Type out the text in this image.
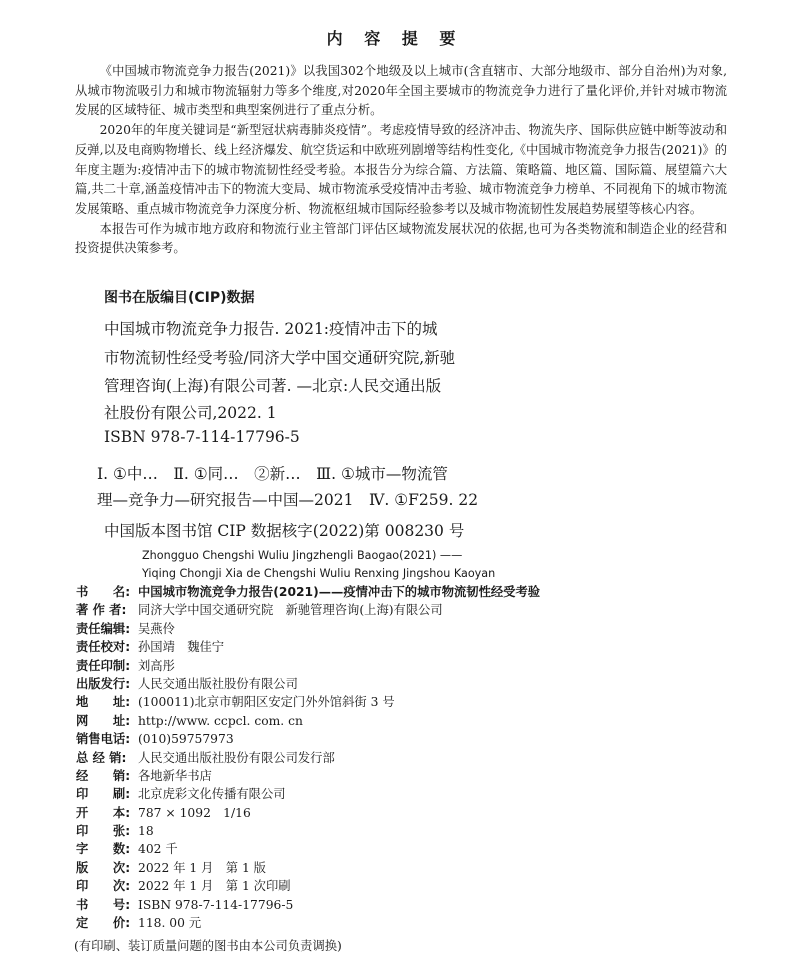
内 容 提 要

《中国城市物流竞争力报告(2021)》以我国302个地级及以上城市(含直辖市、大部分地级市、部分自治州)为对象,从城市物流吸引力和城市物流辐射力等多个维度,对2020年全国主要城市的物流竞争力进行了量化评价,并针对城市物流发展的区域特征、城市类型和典型案例进行了重点分析。

2020年的年度关键词是“新型冠状病毒肺炎疫情”。考虑疫情导致的经济冲击、物流失序、国际供应链中断等波动和反弹,以及电商购物增长、线上经济爆发、航空货运和中欧班列剧增等结构性变化,《中国城市物流竞争力报告(2021)》的年度主题为:疫情冲击下的城市物流韧性经受考验。本报告分为综合篇、方法篇、策略篇、地区篇、国际篇、展望篇六大篇,共二十章,涵盖疫情冲击下的物流大变局、城市物流承受疫情冲击考验、城市物流竞争力榜单、不同视角下的城市物流发展策略、重点城市物流竞争力深度分析、物流枢纽城市国际经验参考以及城市物流韧性发展趋势展望等核心内容。

本报告可作为城市地方政府和物流行业主管部门评估区域物流发展状况的依据,也可为各类物流和制造企业的经营和投资提供决策参考。

图书在版编目(CIP)数据
中国城市物流竞争力报告. 2021:疫情冲击下的城
市物流韧性经受考验/同济大学中国交通研究院,新驰
管理咨询(上海)有限公司著. —北京:人民交通出版
社股份有限公司,2022. 1
ISBN 978-7-114-17796-5
Ⅰ. ①中…　Ⅱ. ①同…　②新…　Ⅲ. ①城市—物流管
理—竞争力—研究报告—中国—2021　Ⅳ. ①F259. 22
中国版本图书馆 CIP 数据核字(2022)第 008230 号
Zhongguo Chengshi Wuliu Jingzhengli Baogao(2021) ——
Yiqing Chongji Xia de Chengshi Wuliu Renxing Jingshou Kaoyan
书　　名: 中国城市物流竞争力报告(2021)——疫情冲击下的城市物流韧性经受考验
著 作 者: 同济大学中国交通研究院　新驰管理咨询(上海)有限公司
责任编辑: 吴燕伶
责任校对: 孙国靖　魏佳宁
责任印制: 刘高彤
出版发行: 人民交通出版社股份有限公司
地　　址: (100011)北京市朝阳区安定门外外馆斜街 3 号
网　　址: http://www. ccpcl. com. cn
销售电话: (010)59757973
总 经 销: 人民交通出版社股份有限公司发行部
经　　销: 各地新华书店
印　　刷: 北京虎彩文化传播有限公司
开　　本: 787 × 1092　1/16
印　　张: 18
字　　数: 402 千
版　　次: 2022 年 1 月　第 1 版
印　　次: 2022 年 1 月　第 1 次印刷
书　　号: ISBN 978-7-114-17796-5
定　　价: 118. 00 元
(有印刷、装订质量问题的图书由本公司负责调换)
